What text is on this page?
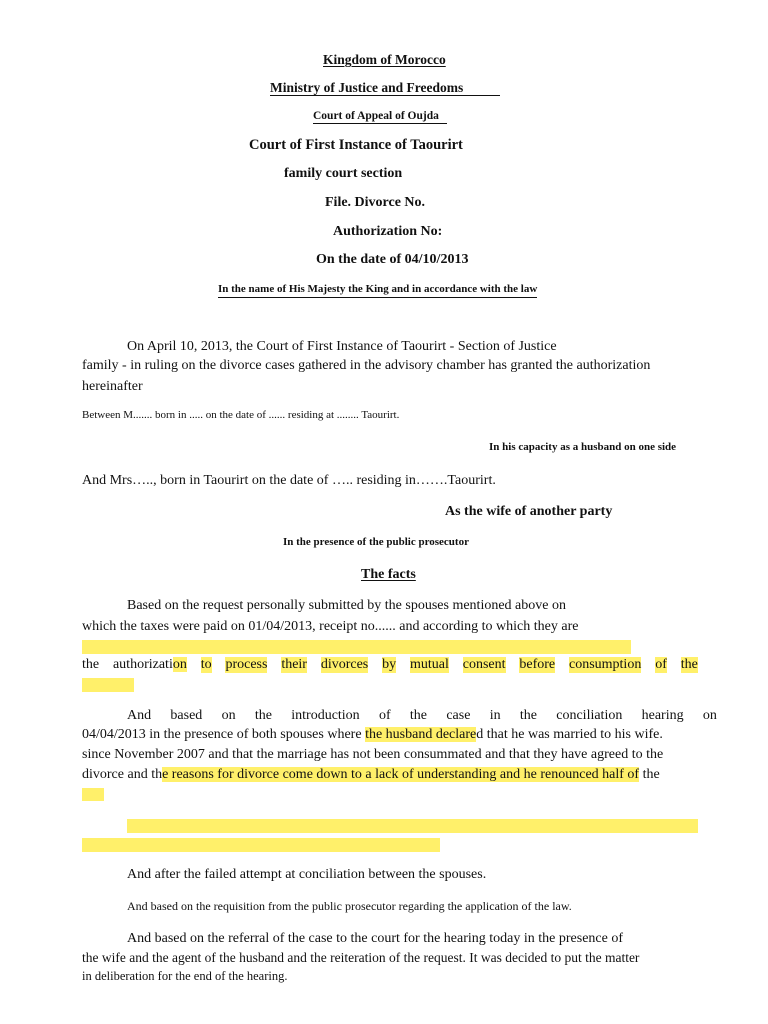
Kingdom of Morocco
Ministry of Justice and Freedoms
Court of Appeal of Oujda
Court of First Instance of Taourirt
family court section
File. Divorce No.
Authorization No:
On the date of 04/10/2013
In the name of His Majesty the King and in accordance with the law
On April 10, 2013, the Court of First Instance of Taourirt - Section of Justice
family - in ruling on the divorce cases gathered in the advisory chamber has granted the authorization
hereinafter
Between M....... born in ..... on the date of ...... residing at ........ Taourirt.
In his capacity as a husband on one side
And Mrs….., born in Taourirt on the date of ….. residing in…….Taourirt.
As the wife of another party
In the presence of the public prosecutor
The facts
Based on the request personally submitted by the spouses mentioned above on
which the taxes were paid on 01/04/2013, receipt no...... and according to which they are
the authorization to process their divorces by mutual consent before consumption of the
And based on the introduction of the case in the conciliation hearing on
04/04/2013 in the presence of both spouses where the husband declared that he was married to his wife.
since November 2007 and that the marriage has not been consummated and that they have agreed to the
divorce and the reasons for divorce come down to a lack of understanding and he renounced half of the
And after the failed attempt at conciliation between the spouses.
And based on the requisition from the public prosecutor regarding the application of the law.
And based on the referral of the case to the court for the hearing today in the presence of
the wife and the agent of the husband and the reiteration of the request. It was decided to put the matter
in deliberation for the end of the hearing.
